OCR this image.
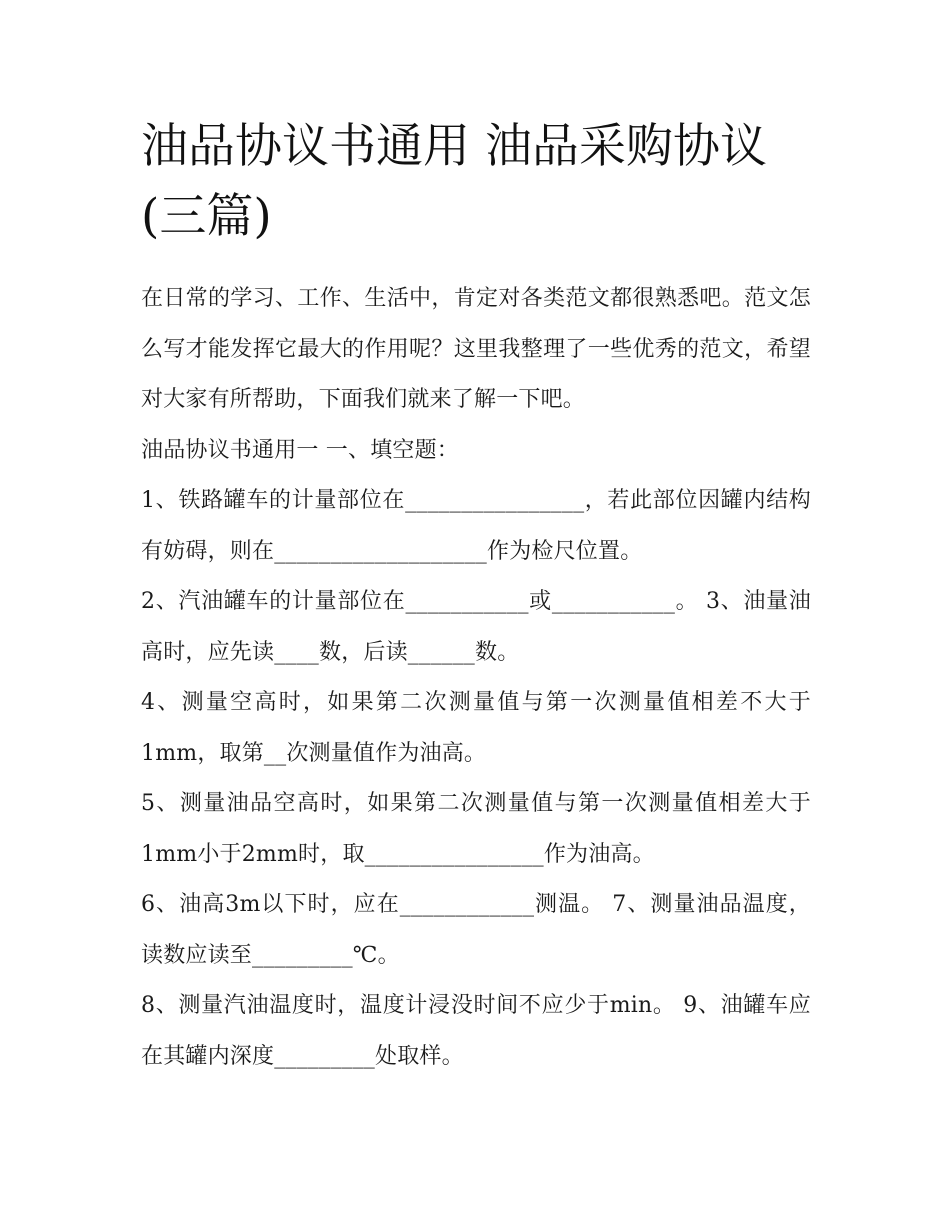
油品协议书通用 油品采购协议(三篇)

在日常的学习、工作、生活中，肯定对各类范文都很熟悉吧。范文怎么写才能发挥它最大的作用呢？这里我整理了一些优秀的范文，希望对大家有所帮助，下面我们就来了解一下吧。

油品协议书通用一 一、填空题：

1、铁路罐车的计量部位在________________，若此部位因罐内结构有妨碍，则在___________________作为检尺位置。

2、汽油罐车的计量部位在___________或___________。 3、油量油高时，应先读____数，后读______数。

4、测量空高时，如果第二次测量值与第一次测量值相差不大于1mm，取第__次测量值作为油高。

5、测量油品空高时，如果第二次测量值与第一次测量值相差大于1mm小于2mm时，取________________作为油高。

6、油高3m以下时，应在____________测温。 7、测量油品温度，读数应读至_________℃。

8、测量汽油温度时，温度计浸没时间不应少于min。 9、油罐车应在其罐内深度_________处取样。
